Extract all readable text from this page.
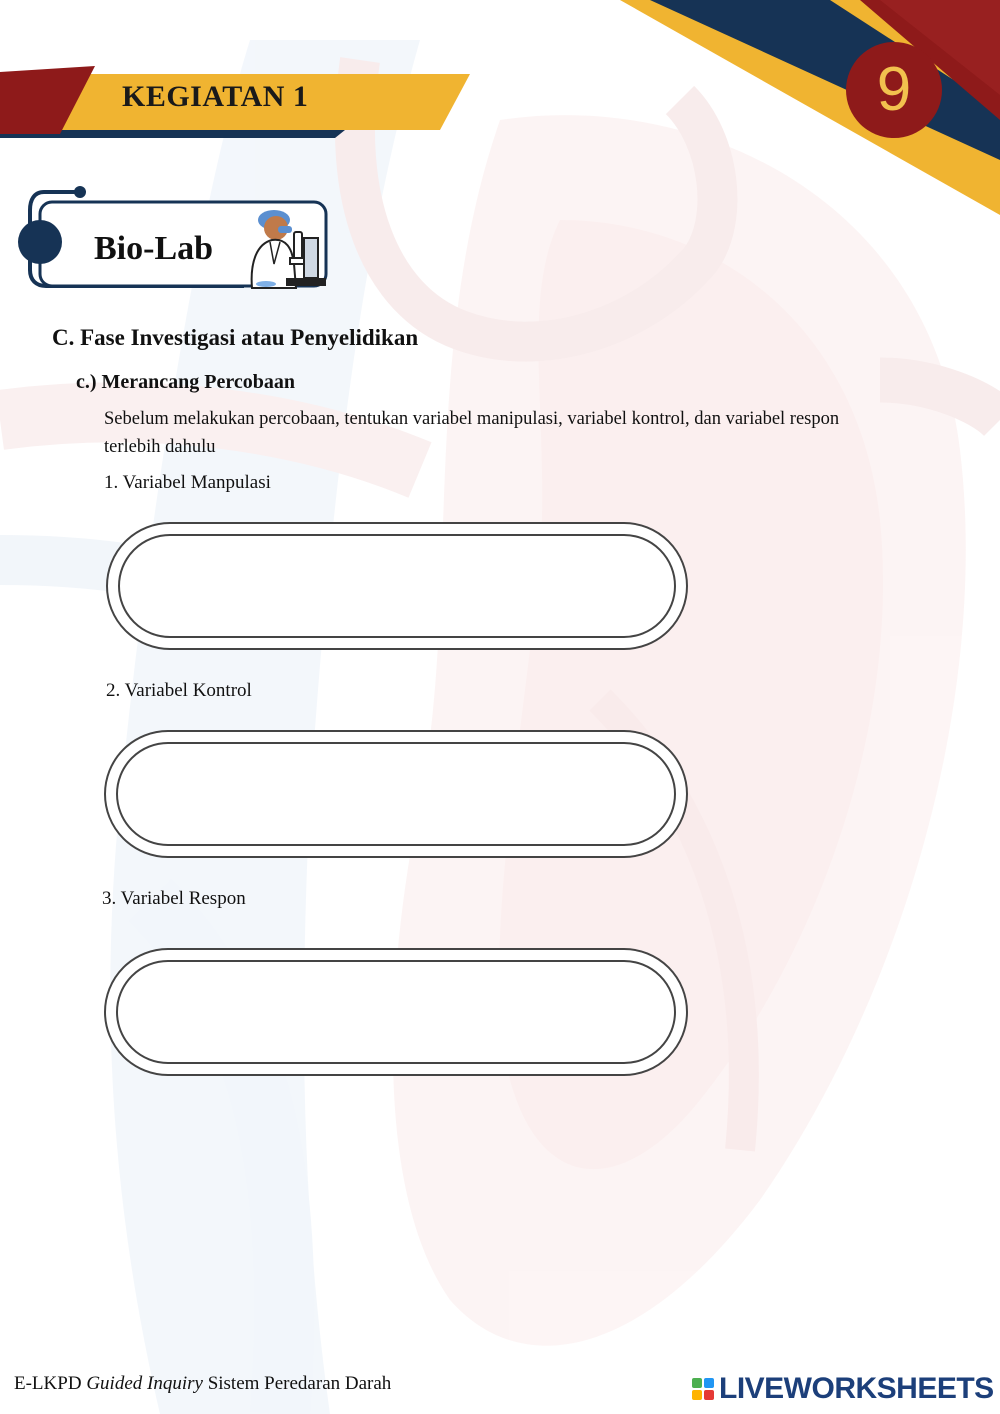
KEGIATAN 1	9
Bio-Lab
C. Fase Investigasi atau Penyelidikan
c.) Merancang Percobaan
Sebelum melakukan percobaan, tentukan variabel manipulasi, variabel kontrol, dan variabel respon terlebih dahulu
1. Variabel Manpulasi
2. Variabel Kontrol
3. Variabel Respon
E-LKPD Guided Inquiry Sistem Peredaran Darah	LIVEWORKSHEETS
